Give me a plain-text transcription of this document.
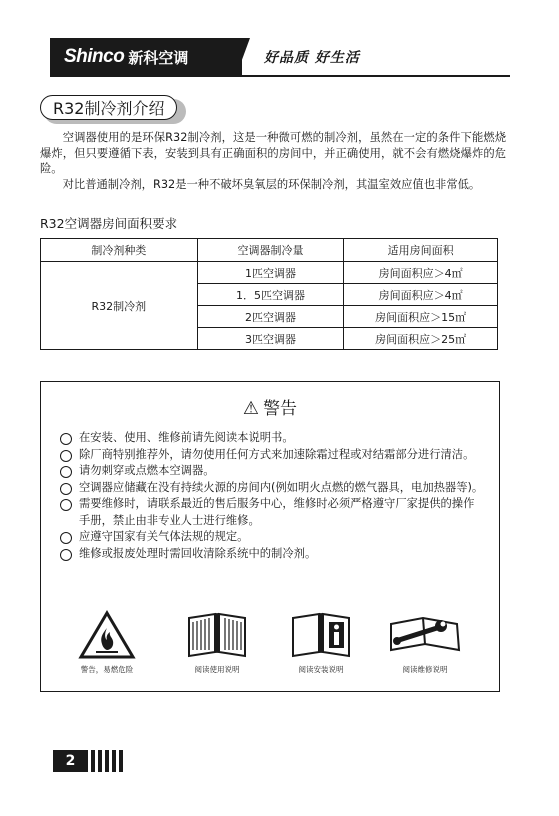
Shinco 新科空调	好品质 好生活
R32制冷剂介绍
　　空调器使用的是环保R32制冷剂，这是一种微可燃的制冷剂，虽然在一定的条件下能燃烧爆炸，但只要遵循下表，安装到具有正确面积的房间中，并正确使用，就不会有燃烧爆炸的危险。
　　对比普通制冷剂，R32是一种不破坏臭氧层的环保制冷剂，其温室效应值也非常低。
R32空调器房间面积要求
制冷剂种类	空调器制冷量	适用房间面积
R32制冷剂	1匹空调器	房间面积应＞4㎡
	1．5匹空调器	房间面积应＞4㎡
	2匹空调器	房间面积应＞15㎡
	3匹空调器	房间面积应＞25㎡
⚠ 警告
在安装、使用、维修前请先阅读本说明书。
除厂商特别推荐外，请勿使用任何方式来加速除霜过程或对结霜部分进行清洁。
请勿刺穿或点燃本空调器。
空调器应储藏在没有持续火源的房间内(例如明火点燃的燃气器具，电加热器等)。
需要维修时，请联系最近的售后服务中心，维修时必须严格遵守厂家提供的操作手册，禁止由非专业人士进行维修。
应遵守国家有关气体法规的规定。
维修或报废处理时需回收清除系统中的制冷剂。
警告，易燃危险	阅读使用说明	阅读安装说明	阅读维修说明
2
